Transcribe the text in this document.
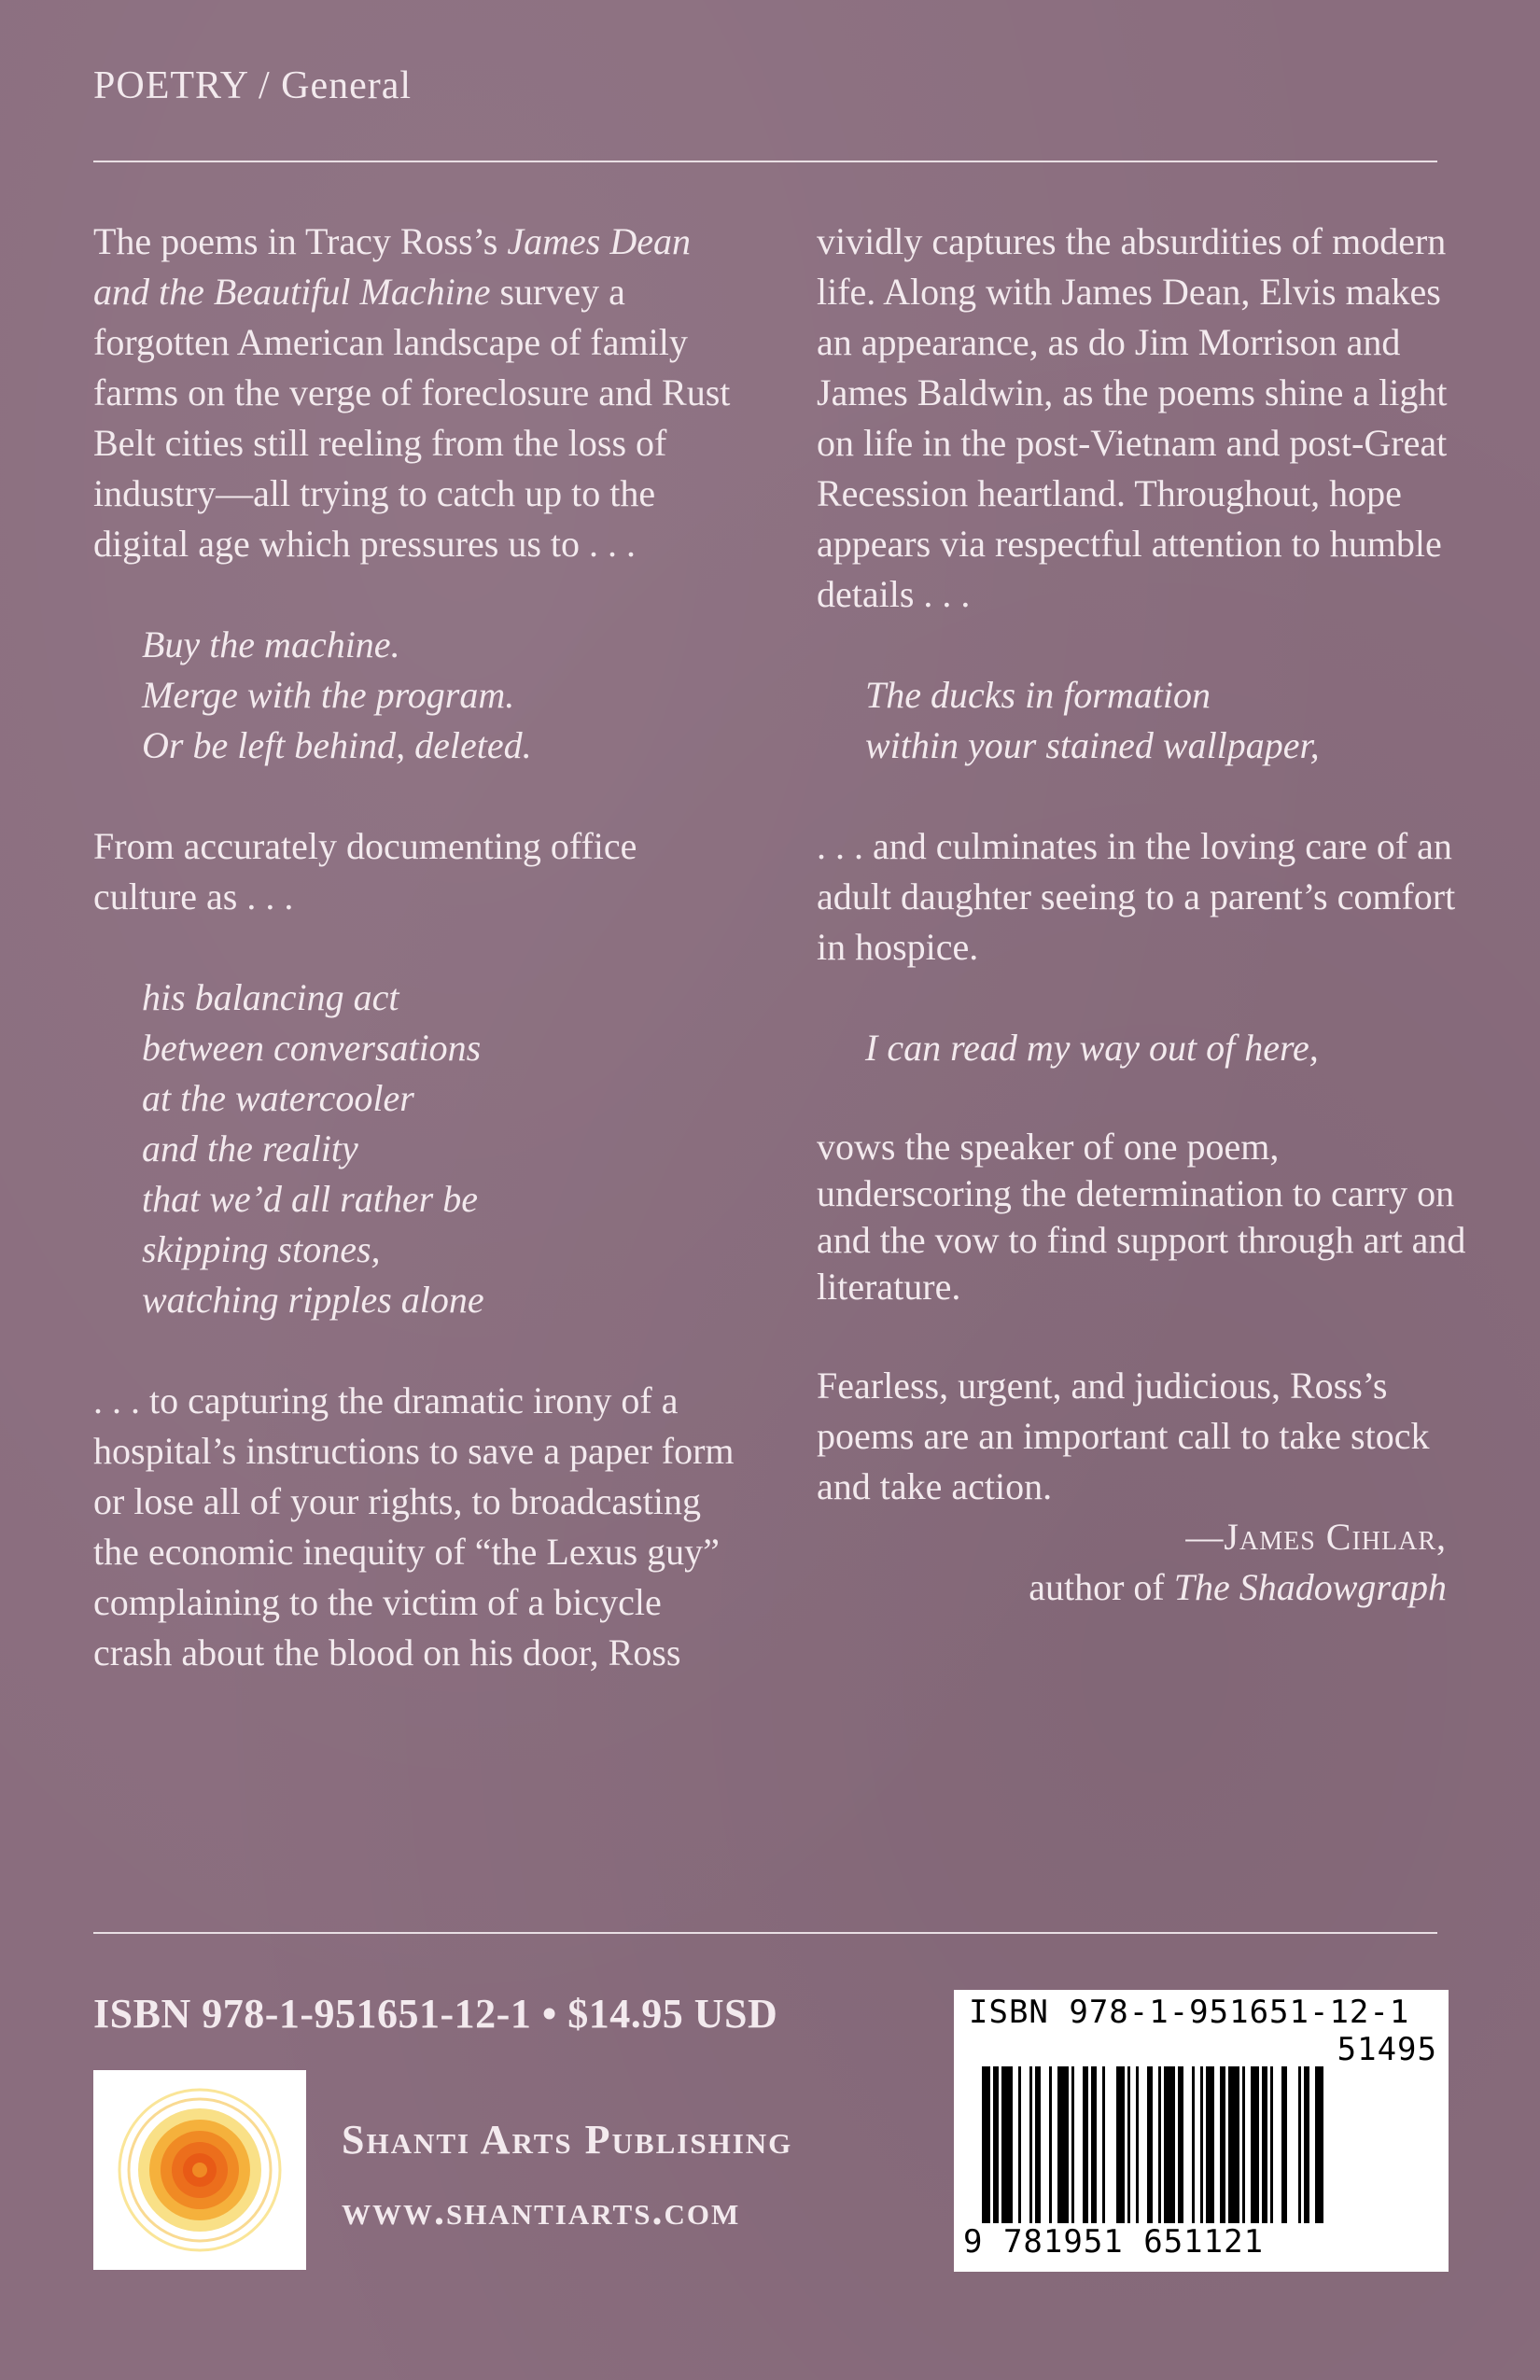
POETRY / General

The poems in Tracy Ross’s James Dean and the Beautiful Machine survey a forgotten American landscape of family farms on the verge of foreclosure and Rust Belt cities still reeling from the loss of industry—all trying to catch up to the digital age which pressures us to . . .

Buy the machine.
Merge with the program.
Or be left behind, deleted.

From accurately documenting office culture as . . .

his balancing act
between conversations
at the watercooler
and the reality
that we’d all rather be
skipping stones,
watching ripples alone

. . . to capturing the dramatic irony of a hospital’s instructions to save a paper form or lose all of your rights, to broadcasting the economic inequity of “the Lexus guy” complaining to the victim of a bicycle crash about the blood on his door, Ross

vividly captures the absurdities of modern life. Along with James Dean, Elvis makes an appearance, as do Jim Morrison and James Baldwin, as the poems shine a light on life in the post-Vietnam and post-Great Recession heartland. Throughout, hope appears via respectful attention to humble details . . .

The ducks in formation
within your stained wallpaper,

. . . and culminates in the loving care of an adult daughter seeing to a parent’s comfort in hospice.

I can read my way out of here,

vows the speaker of one poem, underscoring the determination to carry on and the vow to find support through art and literature.

Fearless, urgent, and judicious, Ross’s poems are an important call to take stock and take action.

—James Cihlar,
author of The Shadowgraph
ISBN 978-1-951651-12-1 • $14.95 USD
Shanti Arts Publishing
www.shantiarts.com
ISBN 978-1-951651-12-1
51495
9 781951 651121
